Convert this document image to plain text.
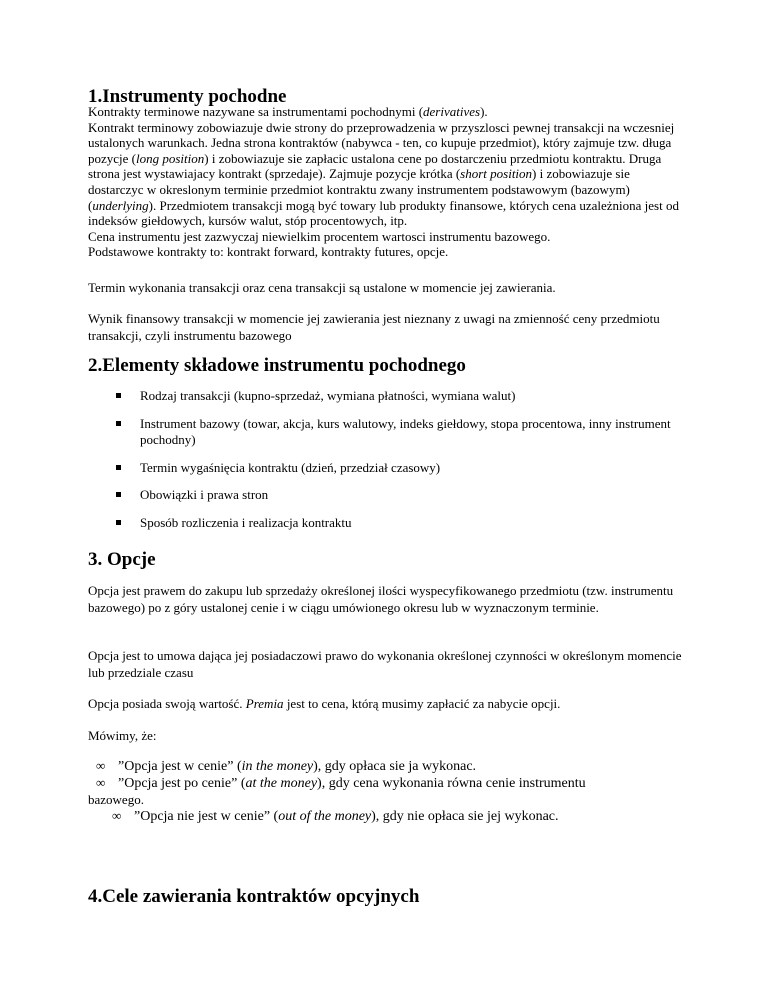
1.Instrumenty pochodne

Kontrakty terminowe nazywane sa instrumentami pochodnymi (derivatives).

Kontrakt terminowy zobowiazuje dwie strony do przeprowadzenia w przyszlosci pewnej transakcji na wczesniej ustalonych warunkach. Jedna strona kontraktów (nabywca - ten, co kupuje przedmiot), który zajmuje tzw. długa pozycje (long position) i zobowiazuje sie zapłacic ustalona cene po dostarczeniu przedmiotu kontraktu. Druga strona jest wystawiajacy kontrakt (sprzedaje). Zajmuje pozycje krótka (short position) i zobowiazuje sie dostarczyc w okreslonym terminie przedmiot kontraktu zwany instrumentem podstawowym (bazowym) (underlying). Przedmiotem transakcji mogą być towary lub produkty finansowe, których cena uzależniona jest od indeksów giełdowych, kursów walut, stóp procentowych, itp.

Cena instrumentu jest zazwyczaj niewielkim procentem wartosci instrumentu bazowego.

Podstawowe kontrakty to: kontrakt forward, kontrakty futures, opcje.

Termin wykonania transakcji oraz cena transakcji są ustalone w momencie jej zawierania.

Wynik finansowy transakcji w momencie jej zawierania jest nieznany z uwagi na zmienność ceny przedmiotu transakcji, czyli instrumentu bazowego

2.Elementy składowe instrumentu pochodnego
Rodzaj transakcji (kupno-sprzedaż, wymiana płatności, wymiana walut)
Instrument bazowy (towar, akcja, kurs walutowy, indeks giełdowy, stopa procentowa, inny instrument pochodny)
Termin wygaśnięcia kontraktu (dzień, przedział czasowy)
Obowiązki i prawa stron
Sposób rozliczenia i realizacja kontraktu
3. Opcje

Opcja jest prawem do zakupu lub sprzedaży określonej ilości wyspecyfikowanego przedmiotu (tzw. instrumentu bazowego) po z góry ustalonej cenie i w ciągu umówionego okresu lub w wyznaczonym terminie.

Opcja jest to umowa dająca jej posiadaczowi prawo do wykonania określonej czynności w określonym momencie lub przedziale czasu

Opcja posiada swoją wartość. Premia jest to cena, którą musimy zapłacić za nabycie opcji.

Mówimy, że:

∞ ”Opcja jest w cenie” (in the money), gdy opłaca sie ja wykonac.
∞ ”Opcja jest po cenie” (at the money), gdy cena wykonania równa cenie instrumentu
bazowego.
∞ ”Opcja nie jest w cenie” (out of the money), gdy nie opłaca sie jej wykonac.
4.Cele zawierania kontraktów opcyjnych
